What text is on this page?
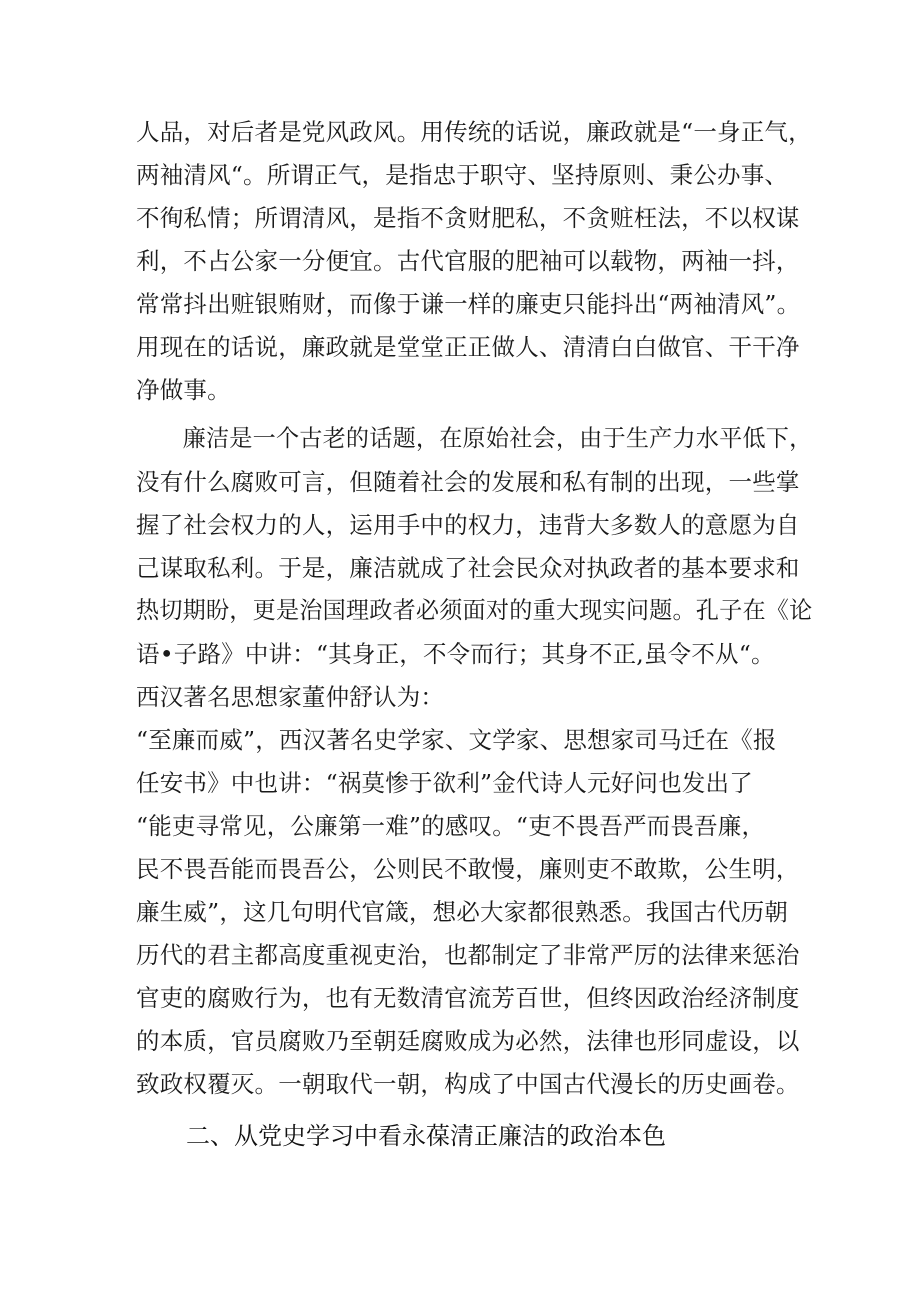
人品，对后者是党风政风。用传统的话说，廉政就是“一身正气，
两袖清风“。所谓正气，是指忠于职守、坚持原则、秉公办事、
不徇私情；所谓清风，是指不贪财肥私，不贪赃枉法，不以权谋
利，不占公家一分便宜。古代官服的肥袖可以载物，两袖一抖，
常常抖出赃银贿财，而像于谦一样的廉吏只能抖出“两袖清风”。
用现在的话说，廉政就是堂堂正正做人、清清白白做官、干干净
净做事。
　　廉洁是一个古老的话题，在原始社会，由于生产力水平低下，
没有什么腐败可言，但随着社会的发展和私有制的出现，一些掌
握了社会权力的人，运用手中的权力，违背大多数人的意愿为自
己谋取私利。于是，廉洁就成了社会民众对执政者的基本要求和
热切期盼，更是治国理政者必须面对的重大现实问题。孔子在《论
语•子路》中讲：“其身正，不令而行；其身不正,虽令不从“。
西汉著名思想家董仲舒认为：
“至廉而威”，西汉著名史学家、文学家、思想家司马迁在《报
任安书》中也讲：“祸莫惨于欲利”金代诗人元好问也发出了
“能吏寻常见，公廉第一难”的感叹。“吏不畏吾严而畏吾廉，
民不畏吾能而畏吾公，公则民不敢慢，廉则吏不敢欺，公生明，
廉生威”，这几句明代官箴，想必大家都很熟悉。我国古代历朝
历代的君主都高度重视吏治，也都制定了非常严厉的法律来惩治
官吏的腐败行为，也有无数清官流芳百世，但终因政治经济制度
的本质，官员腐败乃至朝廷腐败成为必然，法律也形同虚设，以
致政权覆灭。一朝取代一朝，构成了中国古代漫长的历史画卷。
二、从党史学习中看永葆清正廉洁的政治本色
